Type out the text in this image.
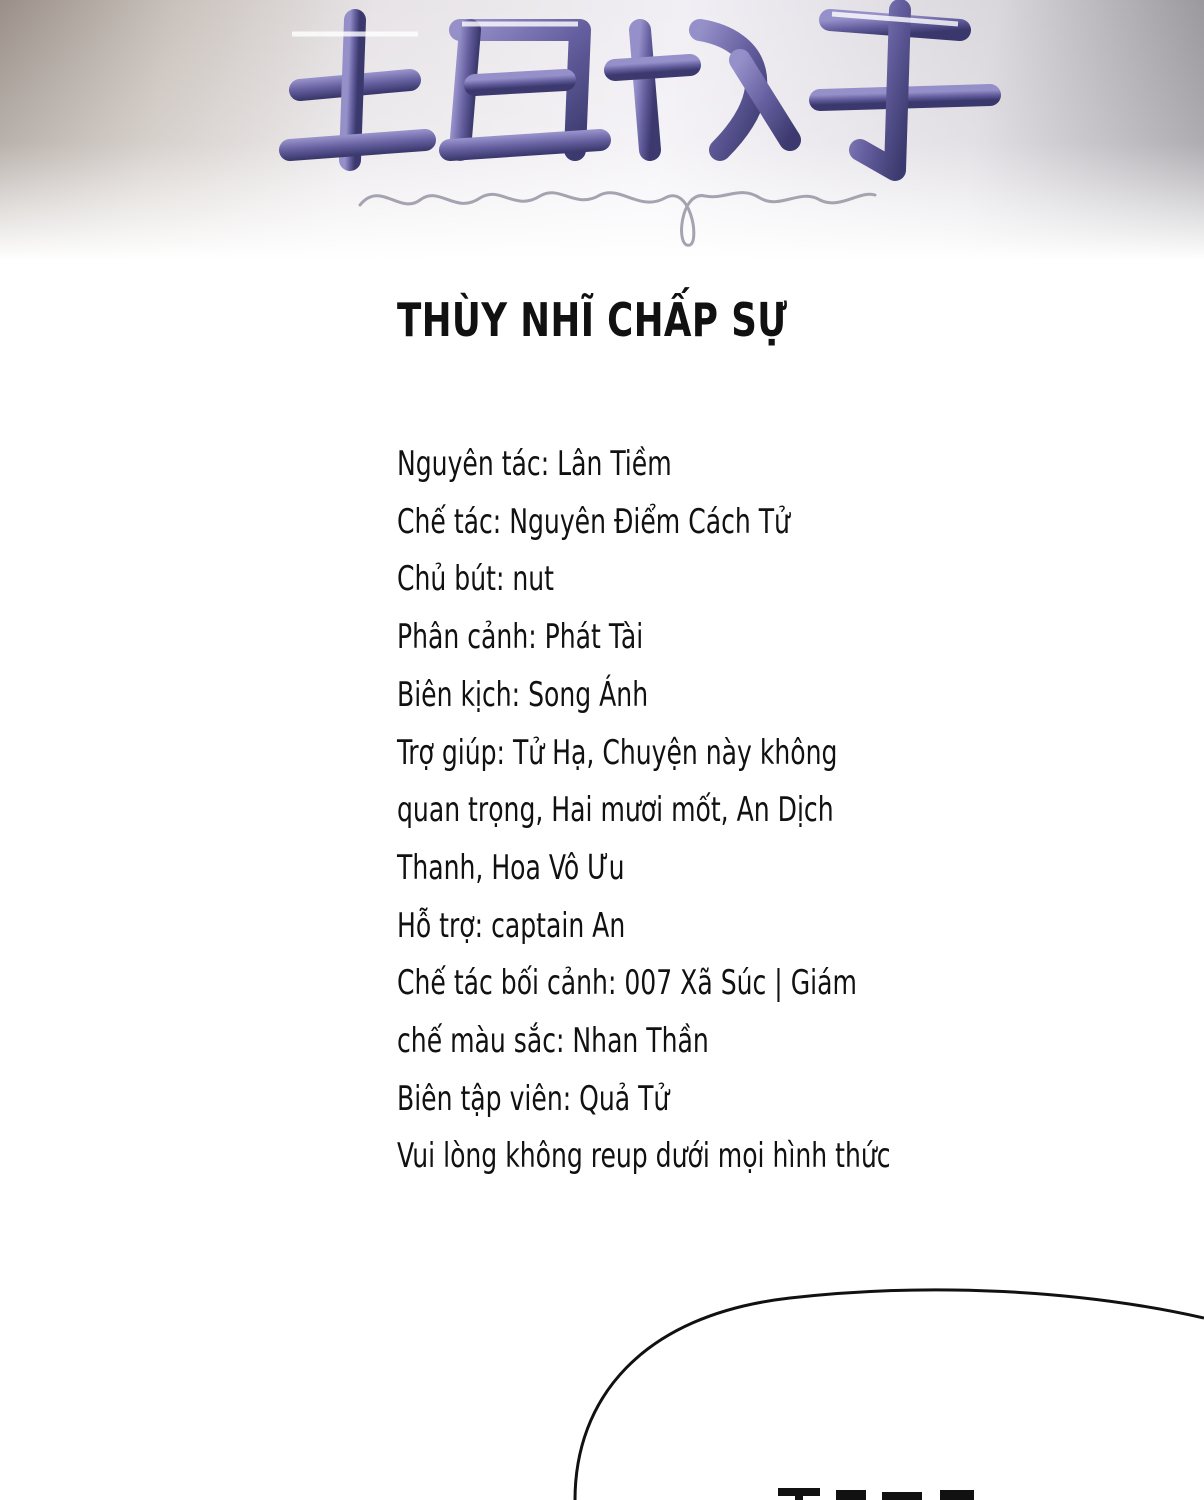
THÙY NHĨ CHẤP SỰ
Nguyên tác: Lân Tiềm
Chế tác: Nguyên Điểm Cách Tử
Chủ bút: nut
Phân cảnh: Phát Tài
Biên kịch: Song Ánh
Trợ giúp: Tử Hạ, Chuyện này không
quan trọng, Hai mươi mốt, An Dịch
Thanh, Hoa Vô Ưu
Hỗ trợ: captain An
Chế tác bối cảnh: 007 Xã Súc | Giám
chế màu sắc: Nhan Thần
Biên tập viên: Quả Tử
Vui lòng không reup dưới mọi hình thức
